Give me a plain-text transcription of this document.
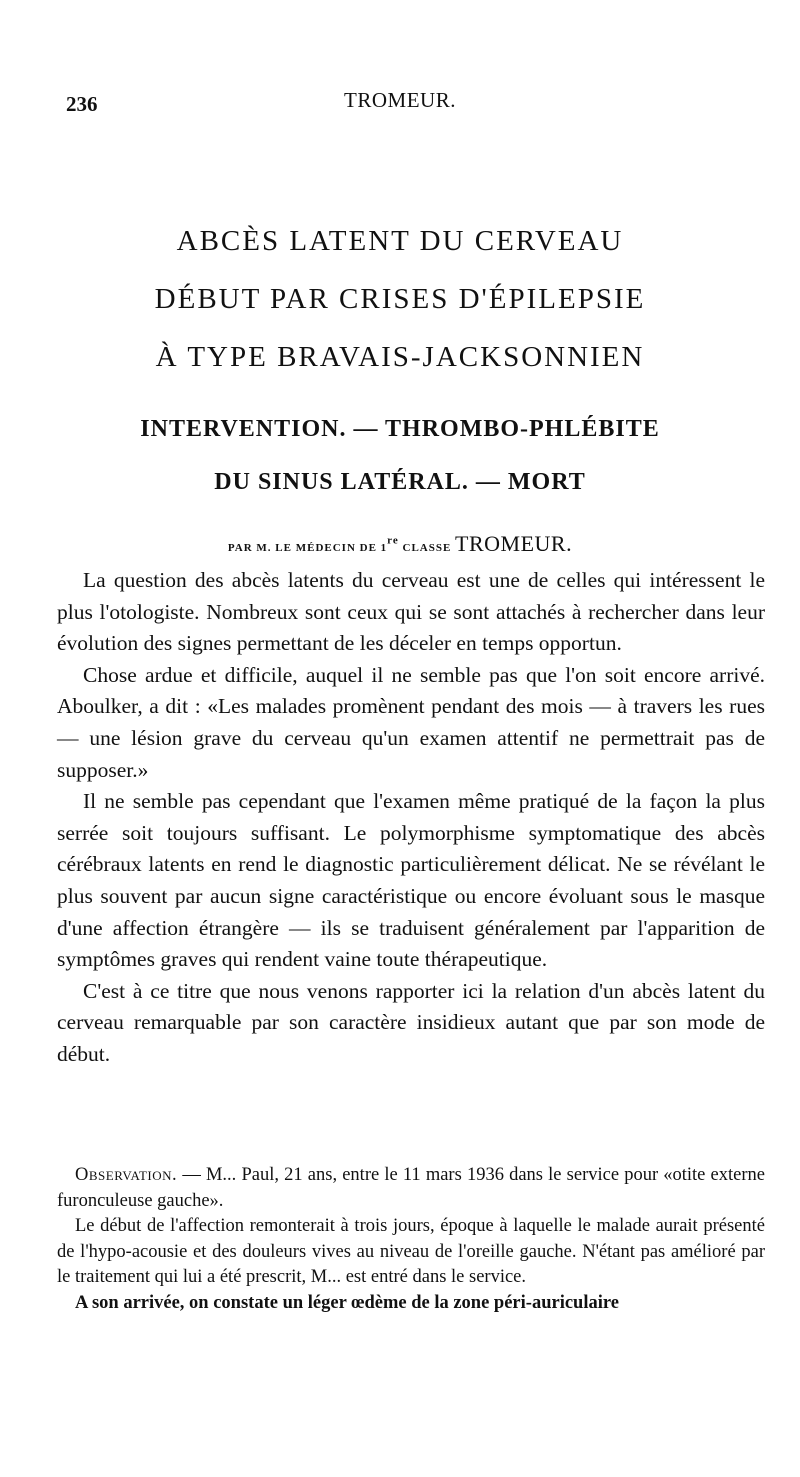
236	TROMEUR.
ABCÈS LATENT DU CERVEAU
DÉBUT PAR CRISES D'ÉPILEPSIE
À TYPE BRAVAIS-JACKSONNIEN
INTERVENTION. — THROMBO-PHLÉBITE
DU SINUS LATÉRAL. — MORT
PAR M. LE MÉDECIN DE 1re CLASSE TROMEUR.

La question des abcès latents du cerveau est une de celles qui intéressent le plus l'otologiste. Nombreux sont ceux qui se sont attachés à rechercher dans leur évolution des signes permettant de les déceler en temps opportun.

Chose ardue et difficile, auquel il ne semble pas que l'on soit encore arrivé. Aboulker, a dit : «Les malades promènent pendant des mois — à travers les rues — une lésion grave du cerveau qu'un examen attentif ne permettrait pas de supposer.»

Il ne semble pas cependant que l'examen même pratiqué de la façon la plus serrée soit toujours suffisant. Le polymorphisme symptomatique des abcès cérébraux latents en rend le diagnostic particulièrement délicat. Ne se révélant le plus souvent par aucun signe caractéristique ou encore évoluant sous le masque d'une affection étrangère — ils se traduisent généralement par l'apparition de symptômes graves qui rendent vaine toute thérapeutique.

C'est à ce titre que nous venons rapporter ici la relation d'un abcès latent du cerveau remarquable par son caractère insidieux autant que par son mode de début.

Observation. — M... Paul, 21 ans, entre le 11 mars 1936 dans le service pour «otite externe furonculeuse gauche».

Le début de l'affection remonterait à trois jours, époque à laquelle le malade aurait présenté de l'hypo-acousie et des douleurs vives au niveau de l'oreille gauche. N'étant pas amélioré par le traitement qui lui a été prescrit, M... est entré dans le service.

A son arrivée, on constate un léger œdème de la zone péri-auriculaire
